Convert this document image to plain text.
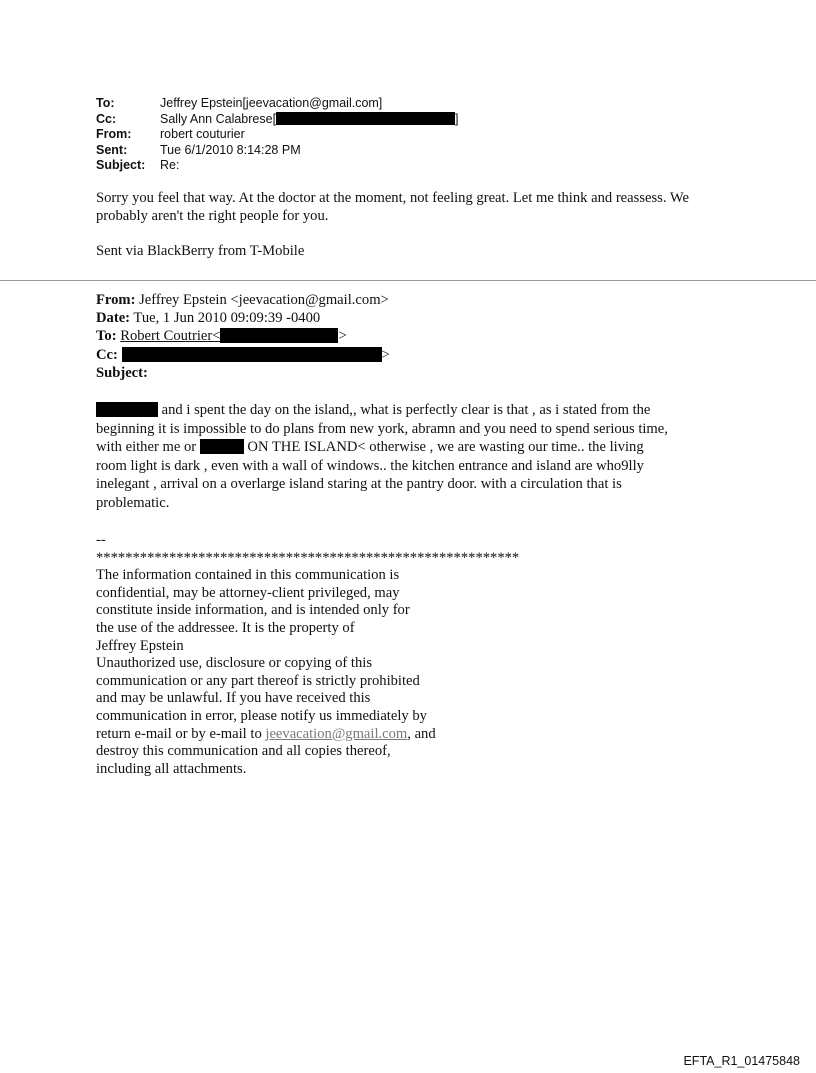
To:	Jeffrey Epstein[jeevacation@gmail.com]
Cc:	Sally Ann Calabrese[	]
From:	robert couturier
Sent:	Tue 6/1/2010 8:14:28 PM
Subject:	Re:

Sorry you feel that way. At the doctor at the moment, not feeling great. Let me think and reassess. We probably aren't the right people for you.

Sent via BlackBerry from T-Mobile
From: Jeffrey Epstein <jeevacation@gmail.com>
Date: Tue, 1 Jun 2010 09:09:39 -0400
To: Robert Coutrier<	>
Cc:	>
Subject:
and i spent the day on the island,, what is perfectly clear is that , as i stated from the
beginning it is impossible to do plans from new york, abramn and you need to spend serious time,
with either me or	ON THE ISLAND< otherwise , we are wasting our time.. the living
room light is dark , even with a wall of windows.. the kitchen entrance and island are who9lly
inelegant , arrival on a overlarge island staring at the pantry door. with a circulation that is
problematic.
--
**********************************************************
The information contained in this communication is
confidential, may be attorney-client privileged, may
constitute inside information, and is intended only for
the use of the addressee. It is the property of
Jeffrey Epstein
Unauthorized use, disclosure or copying of this
communication or any part thereof is strictly prohibited
and may be unlawful. If you have received this
communication in error, please notify us immediately by
return e-mail or by e-mail to jeevacation@gmail.com, and
destroy this communication and all copies thereof,
including all attachments.
EFTA_R1_01475848
